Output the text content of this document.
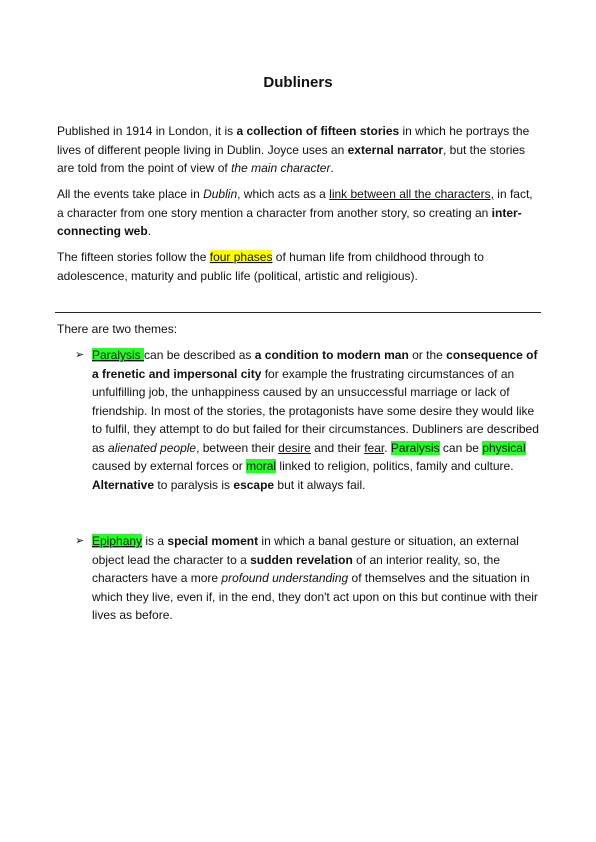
Dubliners
Published in 1914 in London, it is a collection of fifteen stories in which he portrays the lives of different people living in Dublin. Joyce uses an external narrator, but the stories are told from the point of view of the main character.
All the events take place in Dublin, which acts as a link between all the characters, in fact, a character from one story mention a character from another story, so creating an inter- connecting web.
The fifteen stories follow the four phases of human life from childhood through to adolescence, maturity and public life (political, artistic and religious).
There are two themes:
➢ Paralysis can be described as a condition to modern man or the consequence of a frenetic and impersonal city for example the frustrating circumstances of an unfulfilling job, the unhappiness caused by an unsuccessful marriage or lack of friendship. In most of the stories, the protagonists have some desire they would like to fulfil, they attempt to do but failed for their circumstances. Dubliners are described as alienated people, between their desire and their fear. Paralysis can be physical caused by external forces or moral linked to religion, politics, family and culture. Alternative to paralysis is escape but it always fail.
➢ Epiphany is a special moment in which a banal gesture or situation, an external object lead the character to a sudden revelation of an interior reality, so, the characters have a more profound understanding of themselves and the situation in which they live, even if, in the end, they don't act upon on this but continue with their lives as before.
